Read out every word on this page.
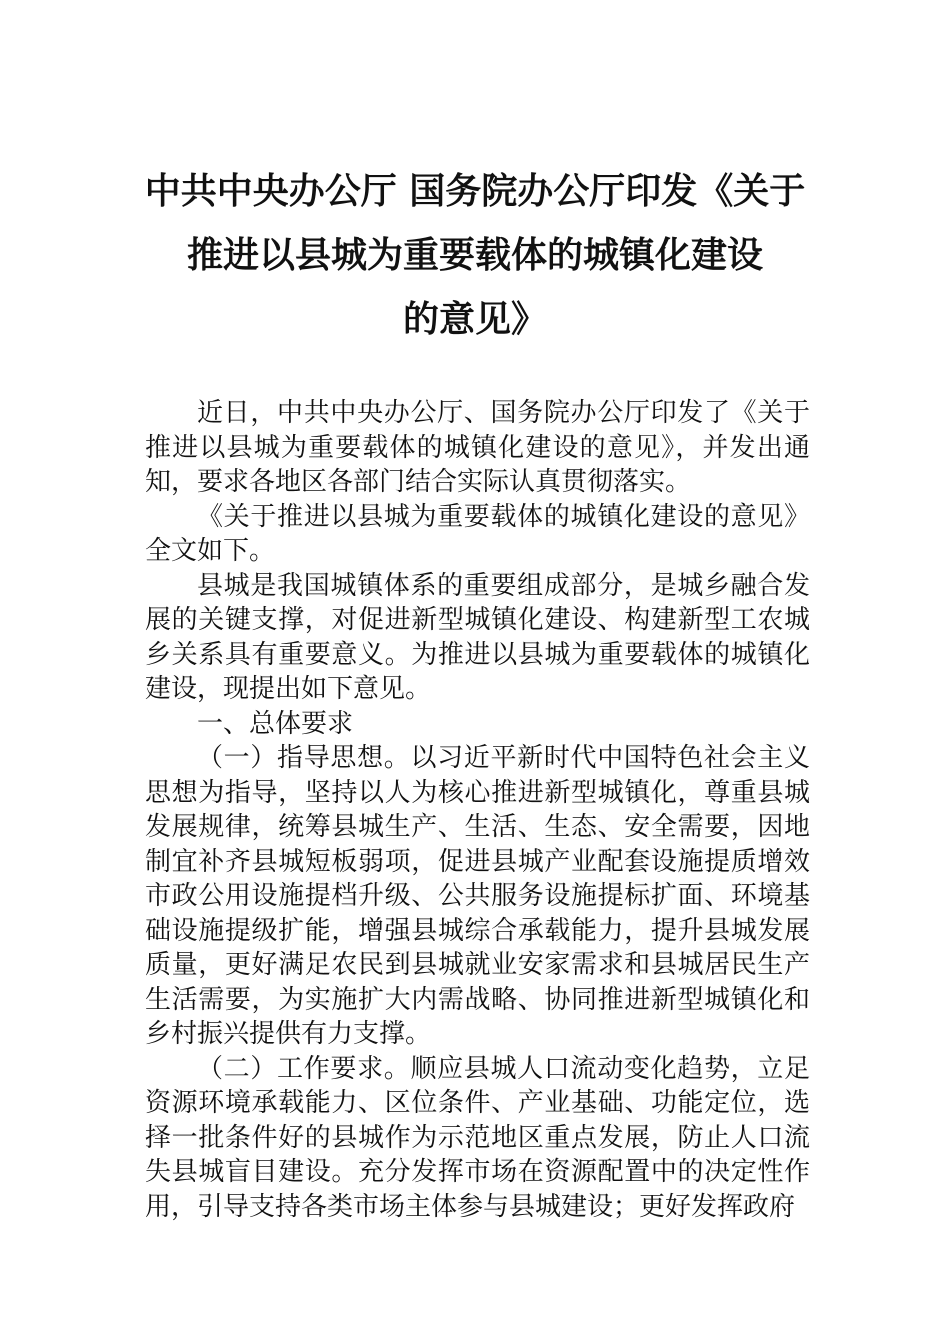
中共中央办公厅 国务院办公厅印发《关于
推进以县城为重要载体的城镇化建设
的意见》

近日，中共中央办公厅、国务院办公厅印发了《关于推进以县城为重要载体的城镇化建设的意见》，并发出通知，要求各地区各部门结合实际认真贯彻落实。

《关于推进以县城为重要载体的城镇化建设的意见》全文如下。

县城是我国城镇体系的重要组成部分，是城乡融合发展的关键支撑，对促进新型城镇化建设、构建新型工农城乡关系具有重要意义。为推进以县城为重要载体的城镇化建设，现提出如下意见。

一、总体要求

（一）指导思想。以习近平新时代中国特色社会主义思想为指导，坚持以人为核心推进新型城镇化，尊重县城发展规律，统筹县城生产、生活、生态、安全需要，因地制宜补齐县城短板弱项，促进县城产业配套设施提质增效市政公用设施提档升级、公共服务设施提标扩面、环境基础设施提级扩能，增强县城综合承载能力，提升县城发展质量，更好满足农民到县城就业安家需求和县城居民生产生活需要，为实施扩大内需战略、协同推进新型城镇化和乡村振兴提供有力支撑。

（二）工作要求。顺应县城人口流动变化趋势，立足资源环境承载能力、区位条件、产业基础、功能定位，选择一批条件好的县城作为示范地区重点发展，防止人口流失县城盲目建设。充分发挥市场在资源配置中的决定性作用，引导支持各类市场主体参与县城建设；更好发挥政府
